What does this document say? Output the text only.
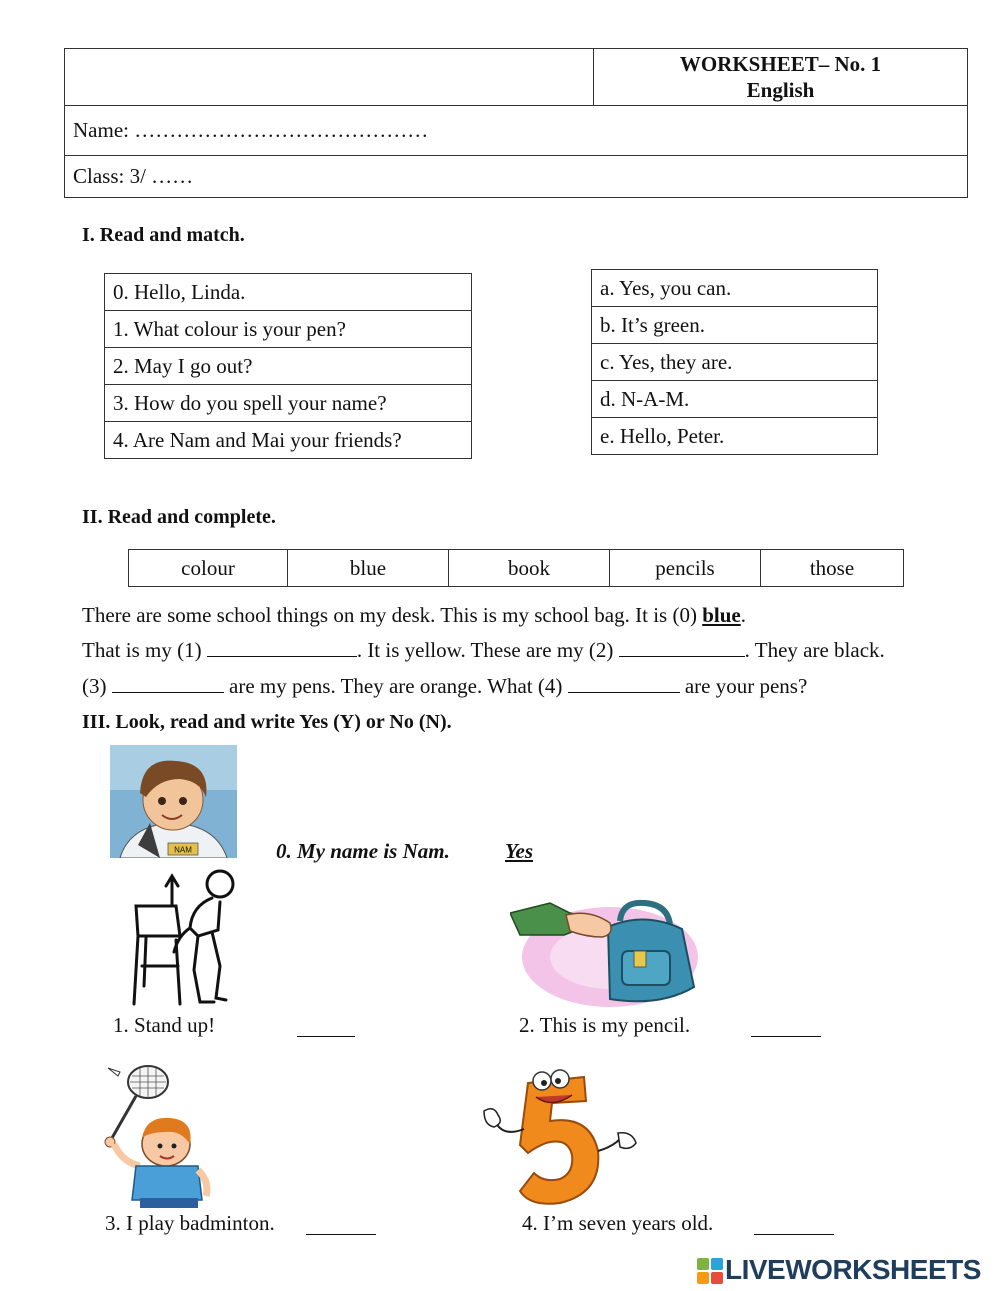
WORKSHEET– No. 1
English

Name: ……………………………………
Class: 3/ ……
I. Read and match.
0. Hello, Linda.
1. What colour is your pen?
2. May I go out?
3. How do you spell your name?
4. Are Nam and Mai your friends?
a. Yes, you can.
b. It’s green.
c. Yes, they are.
d. N-A-M.
e. Hello, Peter.
II. Read and complete.
colour	blue	book	pencils	those
There are some school things on my desk. This is my school bag. It is (0) blue.
That is my (1)	. It is yellow. These are my (2)	. They are black.
(3)	are my pens. They are orange. What (4)	are your pens?
III. Look, read and write Yes (Y) or No (N).
NAM	0. My name is Nam.	Yes
1. Stand up!	2. This is my pencil.
3. I play badminton.	4. I’m seven years old.
LIVEWORKSHEETS
